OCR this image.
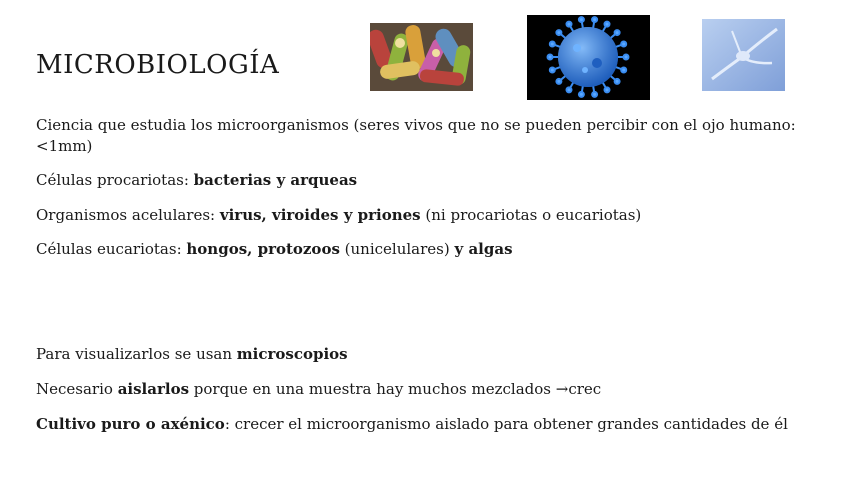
MICROBIOLOGÍA
Ciencia que estudia los microorganismos (seres vivos que no se pueden percibir con el ojo humano: <1mm)
Células procariotas: bacterias y arqueas
Organismos acelulares: virus, viroides y priones (ni procariotas o eucariotas)
Células eucariotas: hongos, protozoos (unicelulares) y algas
Para visualizarlos se usan microscopios
Necesario aislarlos porque en una muestra hay muchos mezclados →crec
Cultivo puro o axénico: crecer el microorganismo aislado para obtener grandes cantidades de él
